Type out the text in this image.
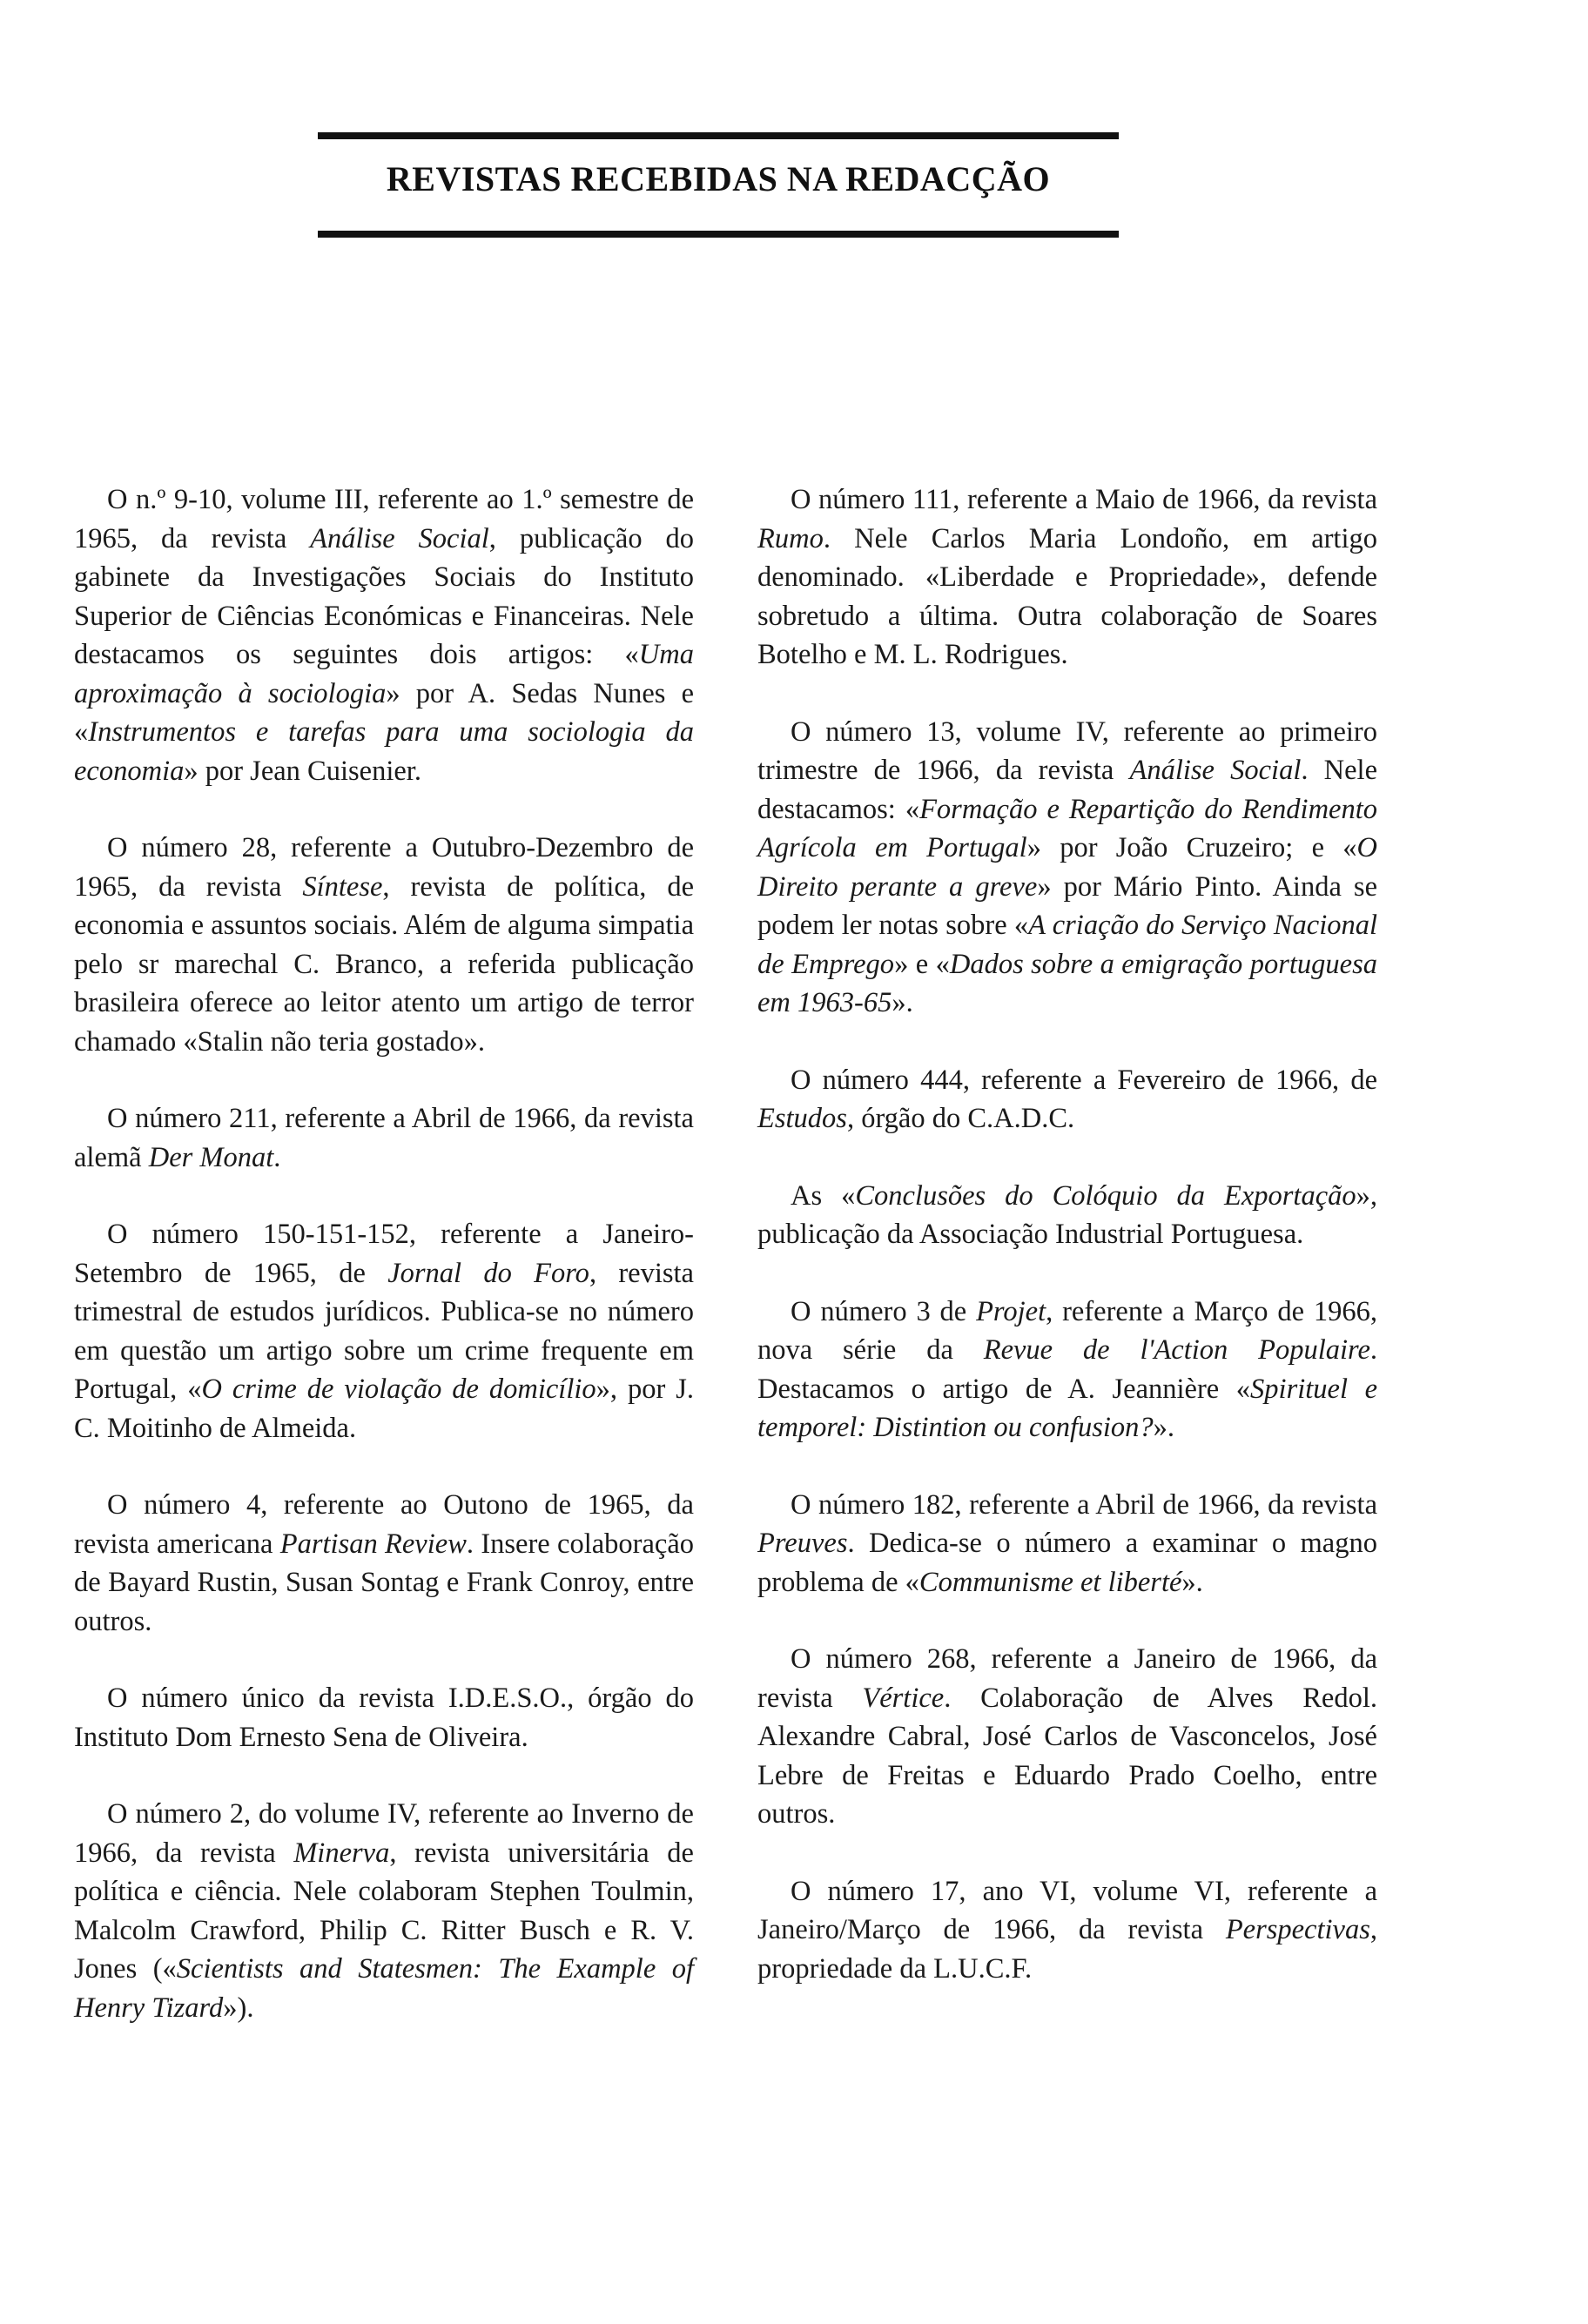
REVISTAS RECEBIDAS NA REDACÇÃO

O n.º 9-10, volume III, referente ao 1.º semestre de 1965, da revista Análise Social, publicação do gabinete da Investigações Sociais do Instituto Superior de Ciências Económicas e Financeiras. Nele destacamos os seguintes dois artigos: «Uma aproximação à sociologia» por A. Sedas Nunes e «Instrumentos e tarefas para uma sociologia da economia» por Jean Cuisenier.

O número 28, referente a Outubro-Dezembro de 1965, da revista Síntese, revista de política, de economia e assuntos sociais. Além de alguma simpatia pelo sr marechal C. Branco, a referida publicação brasileira oferece ao leitor atento um artigo de terror chamado «Stalin não teria gostado».

O número 211, referente a Abril de 1966, da revista alemã Der Monat.

O número 150-151-152, referente a Janeiro-Setembro de 1965, de Jornal do Foro, revista trimestral de estudos jurídicos. Publica-se no número em questão um artigo sobre um crime frequente em Portugal, «O crime de violação de domicílio», por J. C. Moitinho de Almeida.

O número 4, referente ao Outono de 1965, da revista americana Partisan Review. Insere colaboração de Bayard Rustin, Susan Sontag e Frank Conroy, entre outros.

O número único da revista I.D.E.S.O., órgão do Instituto Dom Ernesto Sena de Oliveira.

O número 2, do volume IV, referente ao Inverno de 1966, da revista Minerva, revista universitária de política e ciência. Nele colaboram Stephen Toulmin, Malcolm Crawford, Philip C. Ritter Busch e R. V. Jones («Scientists and Statesmen: The Example of Henry Tizard»).

O número 111, referente a Maio de 1966, da revista Rumo. Nele Carlos Maria Londoño, em artigo denominado. «Liberdade e Propriedade», defende sobretudo a última. Outra colaboração de Soares Botelho e M. L. Rodrigues.

O número 13, volume IV, referente ao primeiro trimestre de 1966, da revista Análise Social. Nele destacamos: «Formação e Repartição do Rendimento Agrícola em Portugal» por João Cruzeiro; e «O Direito perante a greve» por Mário Pinto. Ainda se podem ler notas sobre «A criação do Serviço Nacional de Emprego» e «Dados sobre a emigração portuguesa em 1963-65».

O número 444, referente a Fevereiro de 1966, de Estudos, órgão do C.A.D.C.

As «Conclusões do Colóquio da Exportação», publicação da Associação Industrial Portuguesa.

O número 3 de Projet, referente a Março de 1966, nova série da Revue de l'Action Populaire. Destacamos o artigo de A. Jeannière «Spirituel e temporel: Distintion ou confusion?».

O número 182, referente a Abril de 1966, da revista Preuves. Dedica-se o número a examinar o magno problema de «Communisme et liberté».

O número 268, referente a Janeiro de 1966, da revista Vértice. Colaboração de Alves Redol. Alexandre Cabral, José Carlos de Vasconcelos, José Lebre de Freitas e Eduardo Prado Coelho, entre outros.

O número 17, ano VI, volume VI, referente a Janeiro/Março de 1966, da revista Perspectivas, propriedade da L.U.C.F.
